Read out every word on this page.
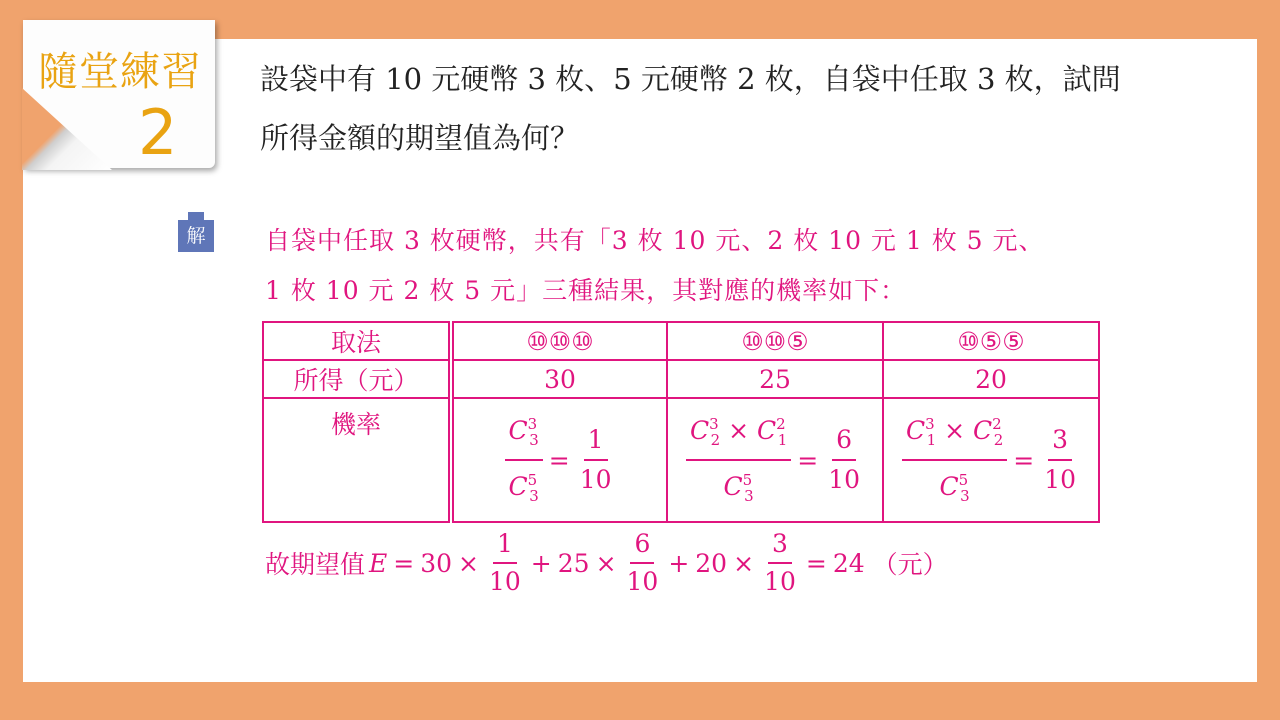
隨堂練習
2
設袋中有 10 元硬幣 3 枚、5 元硬幣 2 枚，自袋中任取 3 枚，試問
所得金額的期望值為何？
解	自袋中任取 3 枚硬幣，共有「3 枚 10 元、2 枚 10 元 1 枚 5 元、
1 枚 10 元 2 枚 5 元」三種結果，其對應的機率如下：
取法	⑩⑩⑩	⑩⑩⑤	⑩⑤⑤
所得（元）	30	25	20
機率	$\frac{C^3_3}{C^5_3} = \frac{1}{10}$	$\frac{C^3_2 \times C^2_1}{C^5_3} = \frac{6}{10}$	$\frac{C^3_1 \times C^2_2}{C^5_3} = \frac{3}{10}$
故期望值 $E = 30 \times \frac{1}{10} + 25 \times \frac{6}{10} + 20 \times \frac{3}{10} = 24$ （元）
